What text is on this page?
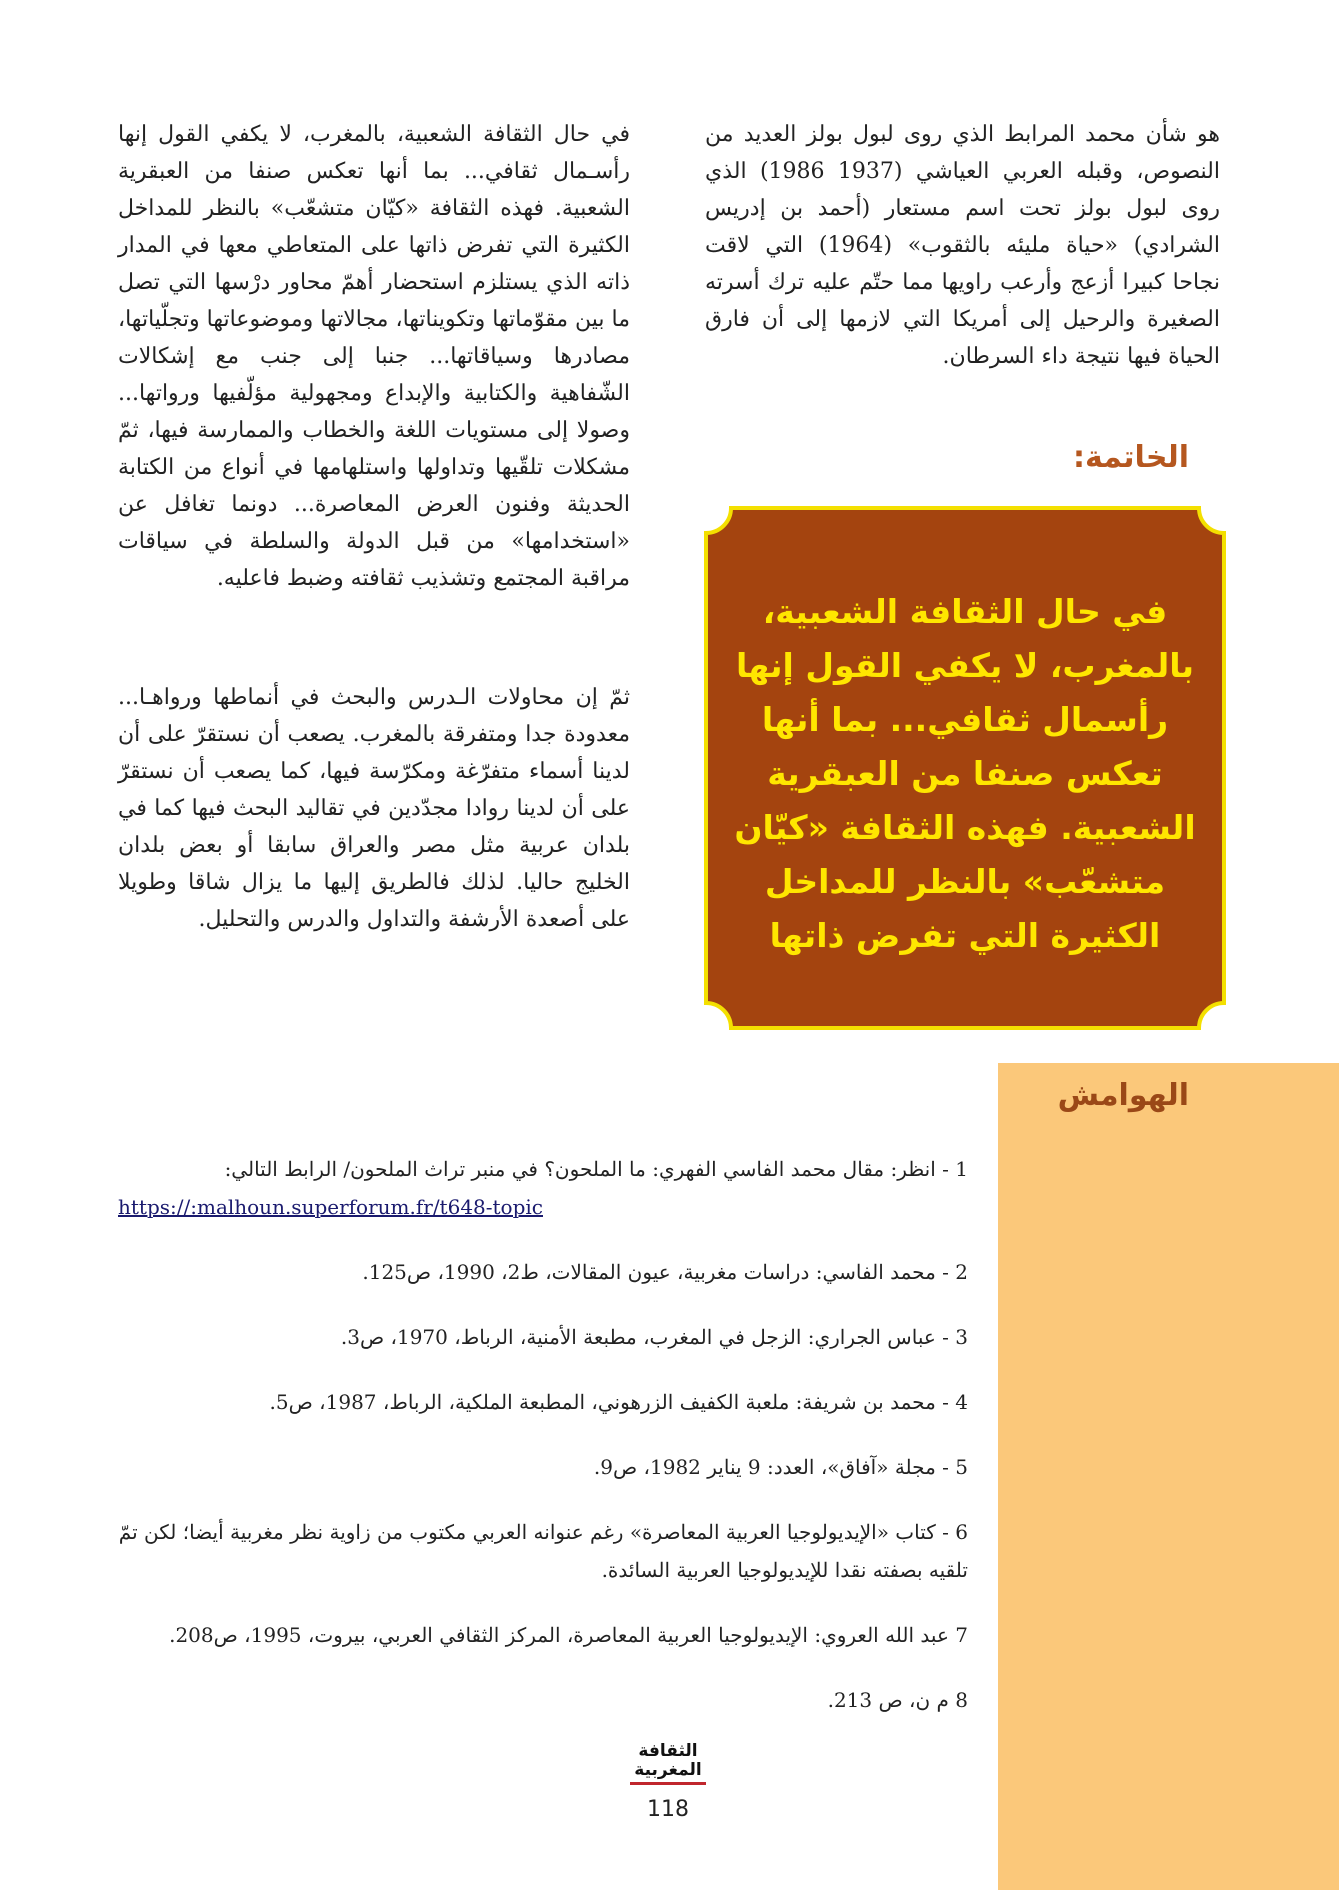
هو شأن محمد المرابط الذي روى لبول بولز العديد من النصوص، وقبله العربي العياشي (1937 1986) الذي روى لبول بولز تحت اسم مستعار (أحمد بن إدريس الشرادي) «حياة مليئه بالثقوب» (1964) التي لاقت نجاحا كبيرا أزعج وأرعب راويها مما حتّم عليه ترك أسرته الصغيرة والرحيل إلى أمريكا التي لازمها إلى أن فارق الحياة فيها نتيجة داء السرطان.

في حال الثقافة الشعبية، بالمغرب، لا يكفي القول إنها رأسـمال ثقافي... بما أنها تعكس صنفا من العبقرية الشعبية. فهذه الثقافة «كيّان متشعّب» بالنظر للمداخل الكثيرة التي تفرض ذاتها على المتعاطي معها في المدار ذاته الذي يستلزم استحضار أهمّ محاور درْسها التي تصل ما بين مقوّماتها وتكويناتها، مجالاتها وموضوعاتها وتجلّياتها، مصادرها وسياقاتها... جنبا إلى جنب مع إشكالات الشّفاهية والكتابية والإبداع ومجهولية مؤلّفيها ورواتها... وصولا إلى مستويات اللغة والخطاب والممارسة فيها، ثمّ مشكلات تلقّيها وتداولها واستلهامها في أنواع من الكتابة الحديثة وفنون العرض المعاصرة... دونما تغافل عن «استخدامها» من قبل الدولة والسلطة في سياقات مراقبة المجتمع وتشذيب ثقافته وضبط فاعليه.

ثمّ إن محاولات الـدرس والبحث في أنماطها ورواهـا... معدودة جدا ومتفرقة بالمغرب. يصعب أن نستقرّ على أن لدينا أسماء متفرّغة ومكرّسة فيها، كما يصعب أن نستقرّ على أن لدينا روادا مجدّدين في تقاليد البحث فيها كما في بلدان عربية مثل مصر والعراق سابقا أو بعض بلدان الخليج حاليا. لذلك فالطريق إليها ما يزال شاقا وطويلا على أصعدة الأرشفة والتداول والدرس والتحليل.

الخاتمة:

في حال الثقافة الشعبية، بالمغرب، لا يكفي القول إنها رأسمال ثقافي... بما أنها تعكس صنفا من العبقرية الشعبية. فهذه الثقافة «كيّان متشعّب» بالنظر للمداخل الكثيرة التي تفرض ذاتها

الهوامش

1 - انظر: مقال محمد الفاسي الفهري: ما الملحون؟ في منبر تراث الملحون/ الرابط التالي:
https://:malhoun.superforum.fr/t648-topic

2 - محمد الفاسي: دراسات مغربية، عيون المقالات، ط2، 1990، ص125.

3 - عباس الجراري: الزجل في المغرب، مطبعة الأمنية، الرباط، 1970، ص3.

4 - محمد بن شريفة: ملعبة الكفيف الزرهوني، المطبعة الملكية، الرباط، 1987، ص5.

5 - مجلة «آفاق»، العدد: 9 يناير 1982، ص9.

6 - كتاب «الإيديولوجيا العربية المعاصرة» رغم عنوانه العربي مكتوب من زاوية نظر مغربية أيضا؛ لكن تمّ تلقيه بصفته نقدا للإيديولوجيا العربية السائدة.

7 عبد الله العروي: الإيديولوجيا العربية المعاصرة، المركز الثقافي العربي، بيروت، 1995، ص208.

8 م ن، ص 213.

الثقافة
المغربية

118
